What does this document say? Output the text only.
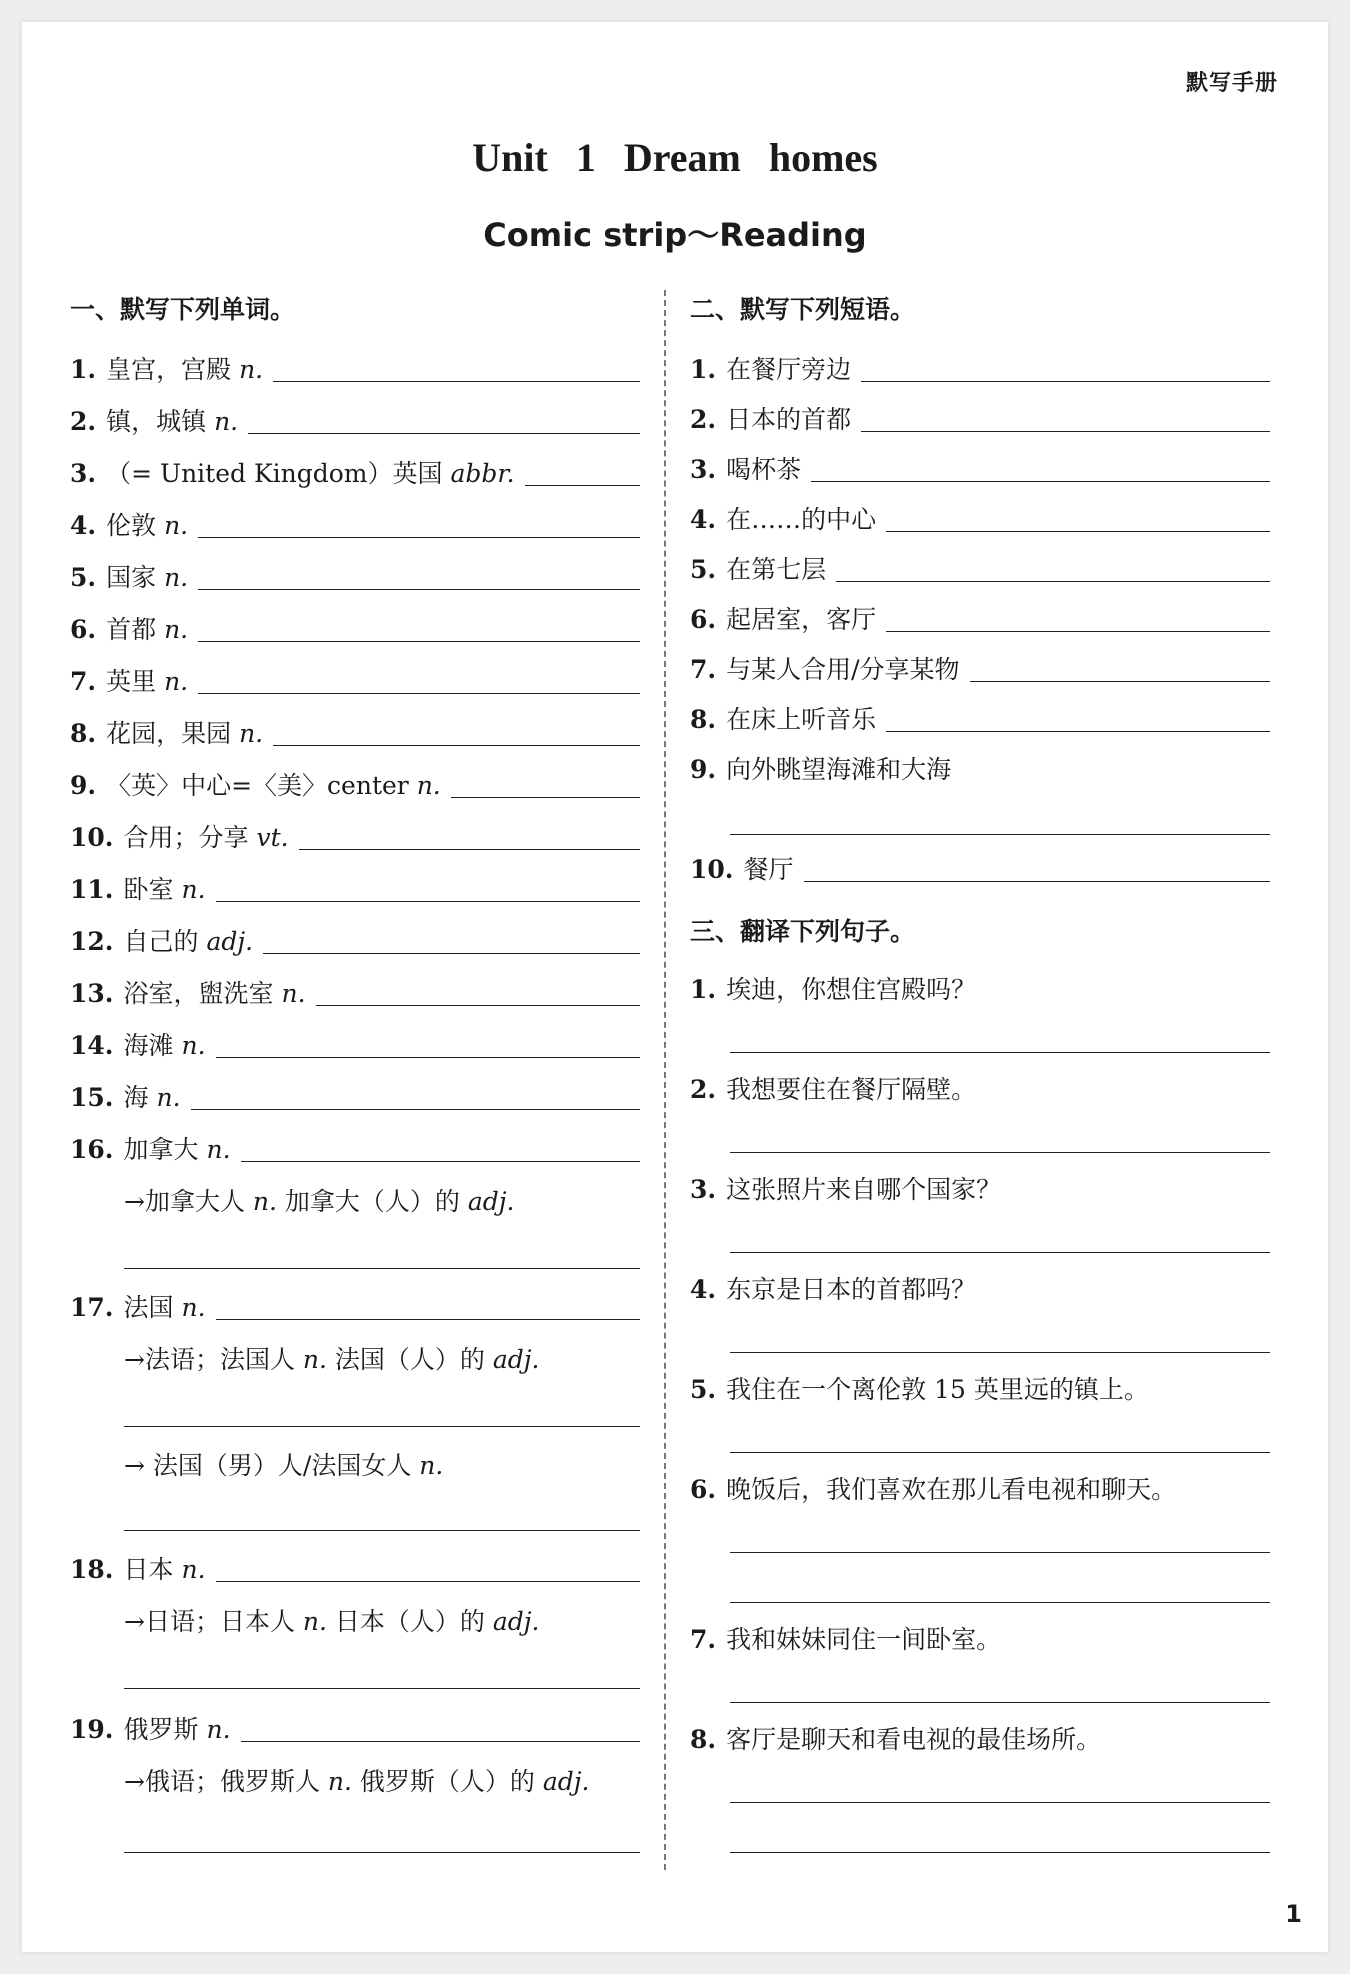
默写手册
Unit 1 Dream homes
Comic strip～Reading
一、默写下列单词。
1. 皇宫，宫殿
n.
2. 镇，城镇
n.
3. （= United Kingdom）英国
abbr.
4. 伦敦
n.
5. 国家
n.
6. 首都
n.
7. 英里
n.
8. 花园，果园
n.
9. 〈英〉中心=〈美〉center
n.
10. 合用；分享
vt.
11. 卧室
n.
12. 自己的
adj.
13. 浴室，盥洗室
n.
14. 海滩
n.
15. 海
n.
16. 加拿大
n.
→加拿大人 n. 加拿大（人）的 adj.
17. 法国
n.
→法语；法国人 n. 法国（人）的 adj.
→ 法国（男）人/法国女人 n.
18. 日本
n.
→日语；日本人 n. 日本（人）的 adj.
19. 俄罗斯
n.
→俄语；俄罗斯人 n. 俄罗斯（人）的 adj.
二、默写下列短语。
1. 在餐厅旁边
2. 日本的首都
3. 喝杯茶
4. 在……的中心
5. 在第七层
6. 起居室，客厅
7. 与某人合用/分享某物
8. 在床上听音乐
9. 向外眺望海滩和大海
10. 餐厅
三、翻译下列句子。
1. 埃迪，你想住宫殿吗？
2. 我想要住在餐厅隔壁。
3. 这张照片来自哪个国家？
4. 东京是日本的首都吗？
5. 我住在一个离伦敦 15 英里远的镇上。
6. 晚饭后，我们喜欢在那儿看电视和聊天。
7. 我和妹妹同住一间卧室。
8. 客厅是聊天和看电视的最佳场所。
1
